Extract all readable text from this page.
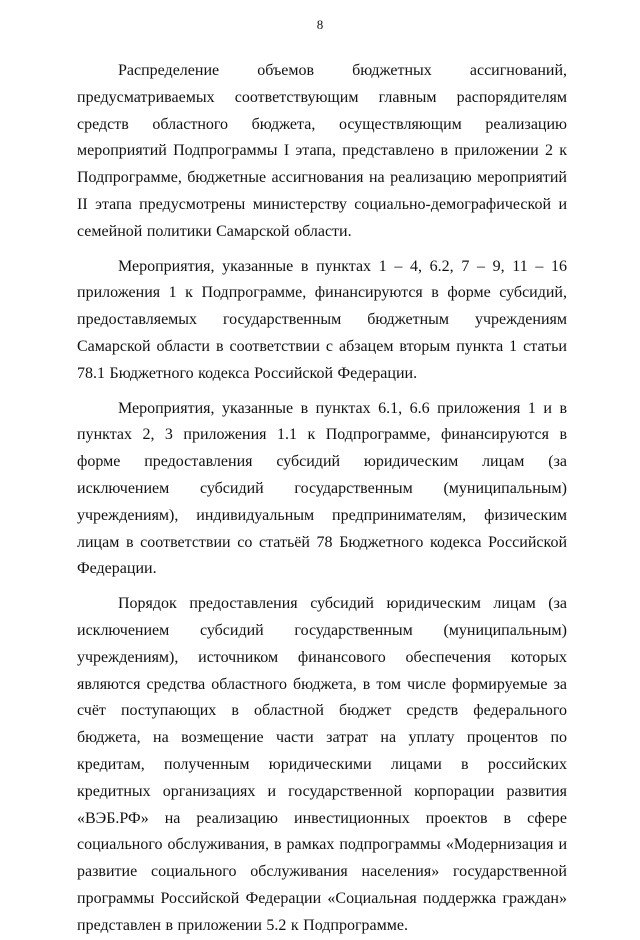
8

Распределение объемов бюджетных ассигнований, предусматриваемых соответствующим главным распорядителям средств областного бюджета, осуществляющим реализацию мероприятий Подпрограммы I этапа, представлено в приложении 2 к Подпрограмме, бюджетные ассигнования на реализацию мероприятий II этапа предусмотрены министерству социально-демографической и семейной политики Самарской области.

Мероприятия, указанные в пунктах 1 – 4, 6.2, 7 – 9, 11 – 16 приложения 1 к Подпрограмме, финансируются в форме субсидий, предоставляемых государственным бюджетным учреждениям Самарской области в соответствии с абзацем вторым пункта 1 статьи 78.1 Бюджетного кодекса Российской Федерации.

Мероприятия, указанные в пунктах 6.1, 6.6 приложения 1 и в пунктах 2, 3 приложения 1.1 к Подпрограмме, финансируются в форме предоставления субсидий юридическим лицам (за исключением субсидий государственным (муниципальным) учреждениям), индивидуальным предпринимателям, физическим лицам в соответствии со статьёй 78 Бюджетного кодекса Российской Федерации.

Порядок предоставления субсидий юридическим лицам (за исключением субсидий государственным (муниципальным) учреждениям), источником финансового обеспечения которых являются средства областного бюджета, в том числе формируемые за счёт поступающих в областной бюджет средств федерального бюджета, на возмещение части затрат на уплату процентов по кредитам, полученным юридическими лицами в российских кредитных организациях и государственной корпорации развития «ВЭБ.РФ» на реализацию инвестиционных проектов в сфере социального обслуживания, в рамках подпрограммы «Модернизация и развитие социального обслуживания населения» государственной программы Российской Федерации «Социальная поддержка граждан» представлен в приложении 5.2 к Подпрограмме.
